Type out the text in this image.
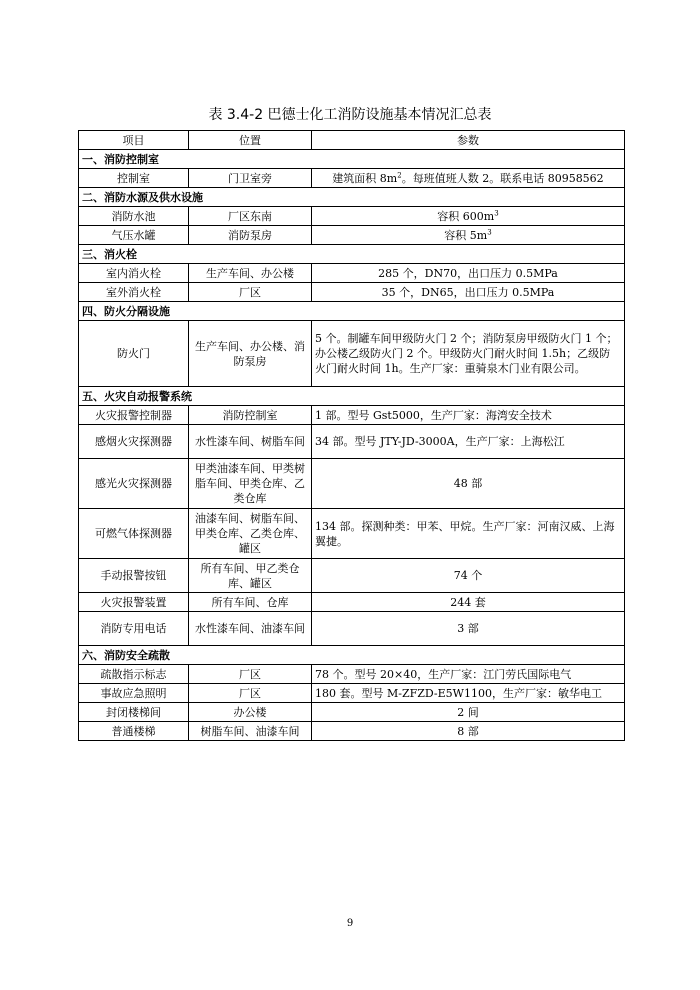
表 3.4-2 巴德士化工消防设施基本情况汇总表
项目	位置	参数
一、消防控制室		
控制室	门卫室旁	建筑面积 $8m^2$。每班值班人数 2。联系电话 80958562
二、消防水源及供水设施		
消防水池	厂区东南	容积 $600m^3$
气压水罐	消防泵房	容积 $5m^3$
三、消火栓		
室内消火栓	生产车间、办公楼	285 个，DN70，出口压力 0.5MPa
室外消火栓	厂区	35 个，DN65，出口压力 0.5MPa
四、防火分隔设施		
防火门	生产车间、办公楼、消防泵房	5 个。制罐车间甲级防火门 2 个；消防泵房甲级防火门 1 个；办公楼乙级防火门 2 个。甲级防火门耐火时间 1.5h；乙级防火门耐火时间 1h。生产厂家：重骑泉木门业有限公司。
五、火灾自动报警系统		
火灾报警控制器	消防控制室	1 部。型号 Gst5000，生产厂家：海湾安全技术
感烟火灾探测器	水性漆车间、树脂车间	34 部。型号 JTY-JD-3000A，生产厂家：上海松江
感光火灾探测器	甲类油漆车间、甲类树脂车间、甲类仓库、乙类仓库	48 部
可燃气体探测器	油漆车间、树脂车间、甲类仓库、乙类仓库、罐区	134 部。探测种类：甲苯、甲烷。生产厂家：河南汉威、上海翼捷。
手动报警按钮	所有车间、甲乙类仓库、罐区	74 个
火灾报警装置	所有车间、仓库	244 套
消防专用电话	水性漆车间、油漆车间	3 部
六、消防安全疏散		
疏散指示标志	厂区	78 个。型号 20×40，生产厂家：江门劳氏国际电气
事故应急照明	厂区	180 套。型号 M-ZFZD-E5W1100，生产厂家：敏华电工
封闭楼梯间	办公楼	2 间
普通楼梯	树脂车间、油漆车间	8 部
9
